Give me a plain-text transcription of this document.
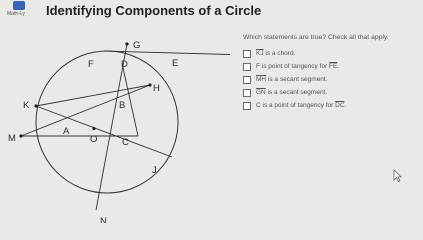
Math-Ly Identifying Components of a Circle
G
F	D	E
H
K	B
M
A
O	C
J
N

Which statements are true? Check all that apply.

$\overline{KJ}$ is a chord.
F is point of tangency for $\overline{FE}$.
$\overline{MH}$ is a secant segment.
$\overline{GN}$ is a secant segment.
C is a point of tangency for $\overline{DC}$.
